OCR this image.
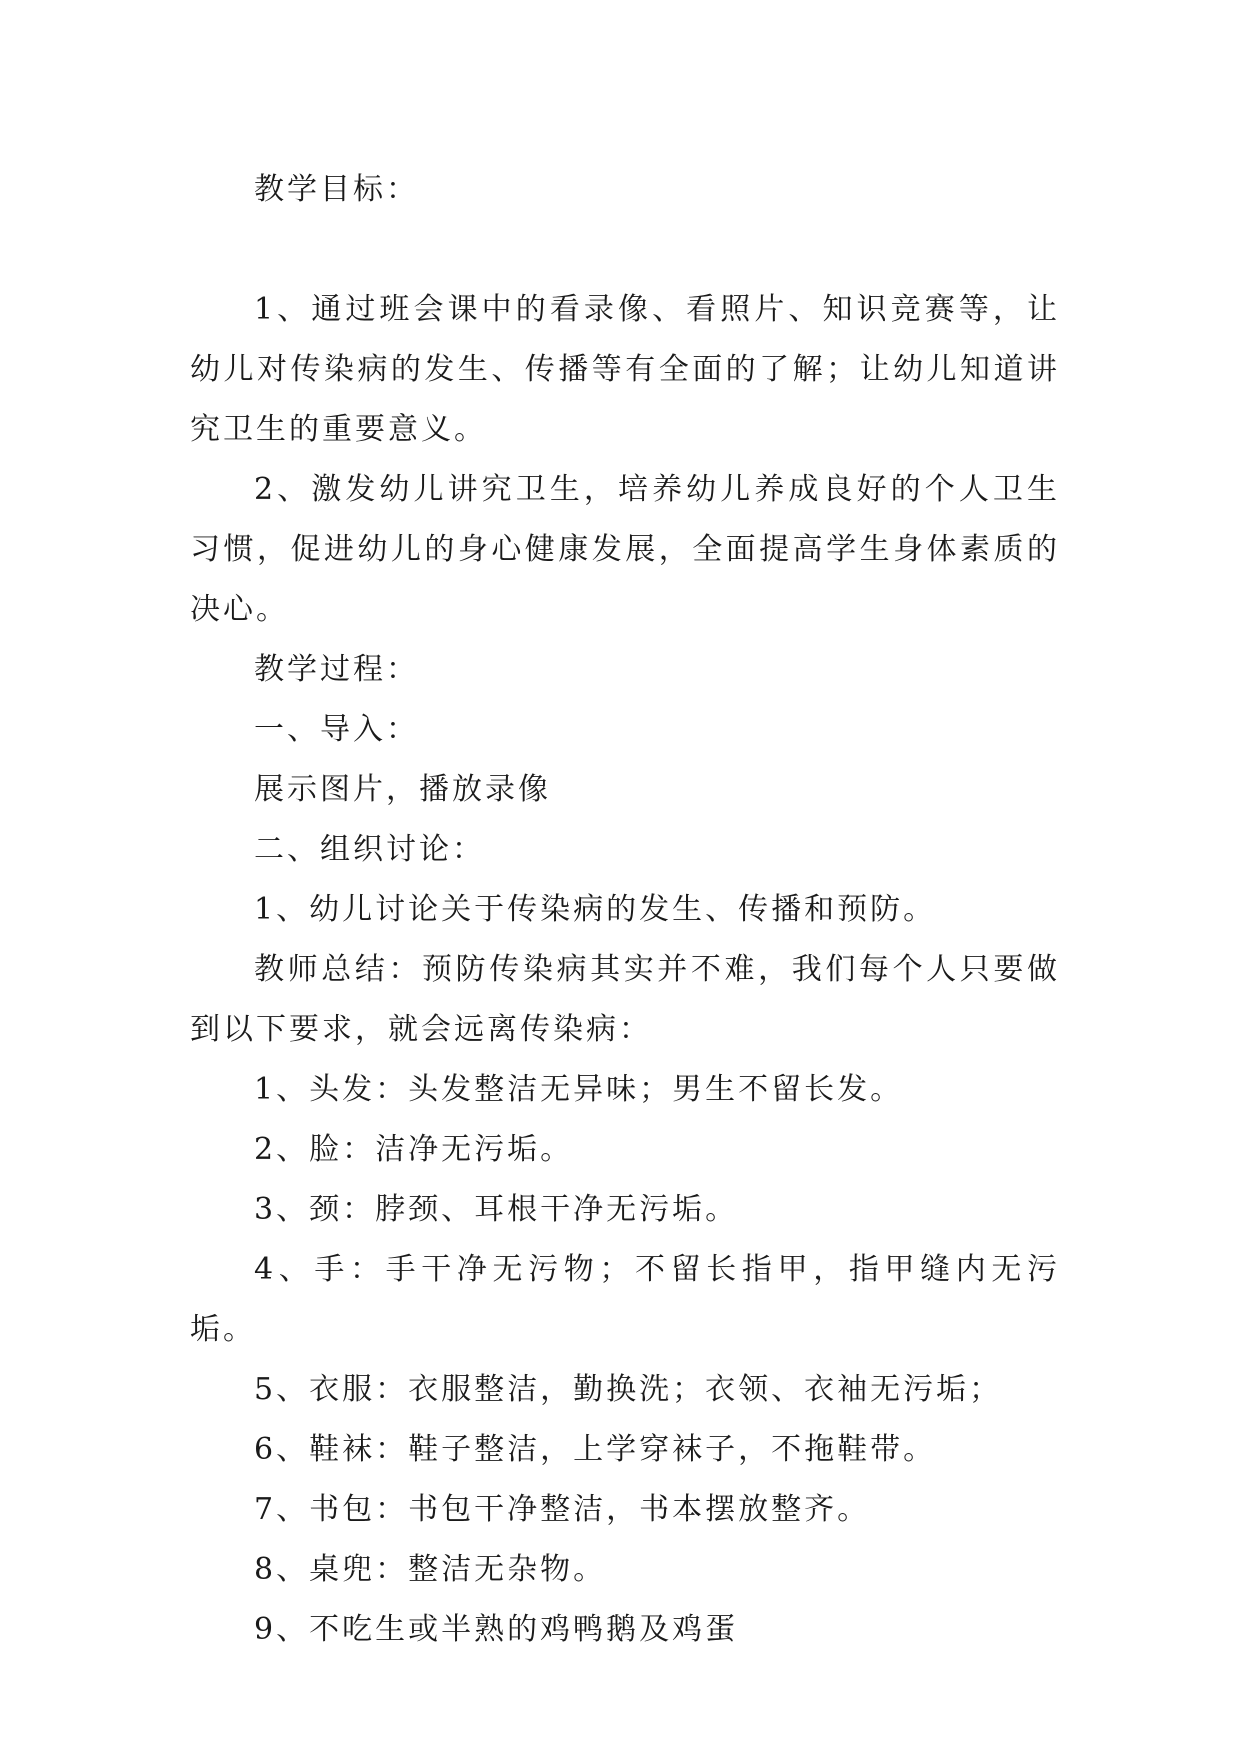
教学目标：

1、通过班会课中的看录像、看照片、知识竞赛等，让幼儿对传染病的发生、传播等有全面的了解；让幼儿知道讲究卫生的重要意义。

2、激发幼儿讲究卫生，培养幼儿养成良好的个人卫生习惯，促进幼儿的身心健康发展，全面提高学生身体素质的决心。

教学过程：

一、导入：

展示图片，播放录像

二、组织讨论：

1、幼儿讨论关于传染病的发生、传播和预防。

教师总结：预防传染病其实并不难，我们每个人只要做到以下要求，就会远离传染病：

1、头发：头发整洁无异味；男生不留长发。

2、脸：洁净无污垢。

3、颈：脖颈、耳根干净无污垢。

4、手：手干净无污物；不留长指甲，指甲缝内无污垢。

5、衣服：衣服整洁，勤换洗；衣领、衣袖无污垢；

6、鞋袜：鞋子整洁，上学穿袜子，不拖鞋带。

7、书包：书包干净整洁，书本摆放整齐。

8、桌兜：整洁无杂物。

9、不吃生或半熟的鸡鸭鹅及鸡蛋
